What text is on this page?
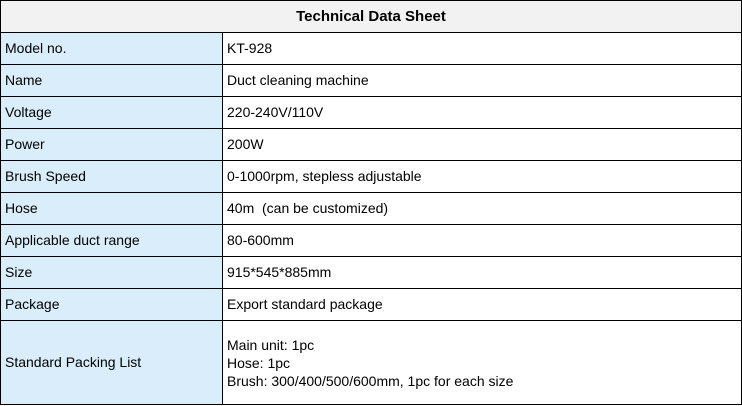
Technical Data Sheet	
Model no.	KT-928
Name	Duct cleaning machine
Voltage	220-240V/110V
Power	200W
Brush Speed	0-1000rpm, stepless adjustable
Hose	40m  (can be customized)
Applicable duct range	80-600mm
Size	915*545*885mm
Package	Export standard package
Standard Packing List	Main unit: 1pc
Hose: 1pc
Brush: 300/400/500/600mm, 1pc for each size
